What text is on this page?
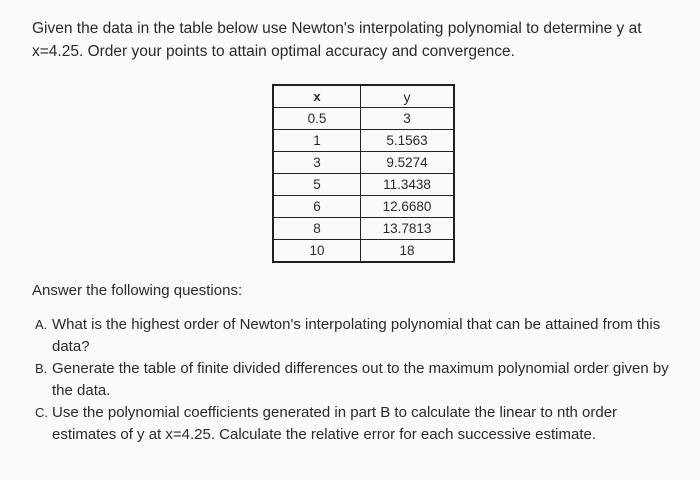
Given the data in the table below use Newton's interpolating polynomial to determine y at x=4.25. Order your points to attain optimal accuracy and convergence.

x	y
0.5	3
1	5.1563
3	9.5274
5	11.3438
6	12.6680
8	13.7813
10	18

Answer the following questions:

A. What is the highest order of Newton's interpolating polynomial that can be attained from this data?
B. Generate the table of finite divided differences out to the maximum polynomial order given by the data.
C. Use the polynomial coefficients generated in part B to calculate the linear to nth order estimates of y at x=4.25. Calculate the relative error for each successive estimate.
